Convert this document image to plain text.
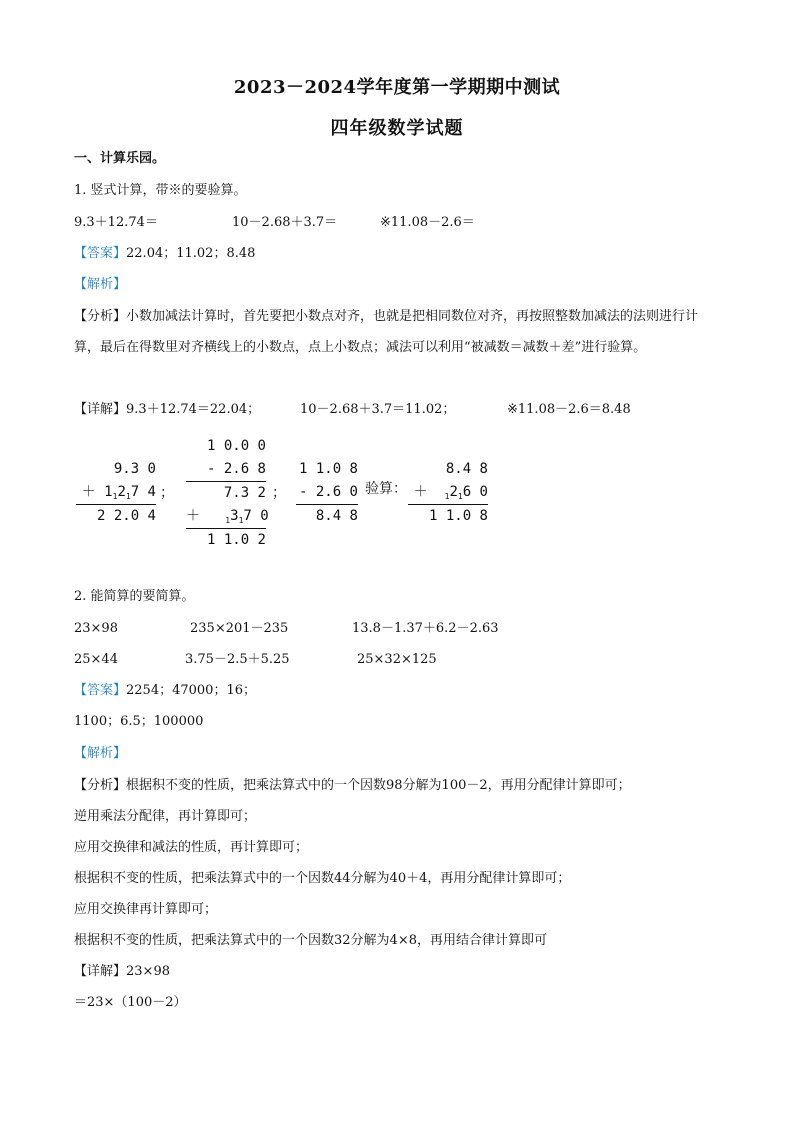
2023－2024学年度第一学期期中测试
四年级数学试题
一、计算乐园。
1. 竖式计算，带※的要验算。
9.3＋12.74＝	10－2.68＋3.7＝	※11.08－2.6＝
【答案】22.04；11.02；8.48
【解析】
【分析】小数加减法计算时，首先要把小数点对齐，也就是把相同数位对齐，再按照整数加减法的法则进行计算，最后在得数里对齐横线上的小数点，点上小数点；减法可以利用“被减数＝减数＋差”进行验算。
【详解】9.3＋12.74＝22.04；	10－2.68＋3.7＝11.02；	※11.08－2.6＝8.48
9.3 0
＋ $1_12_17$ 4
2 2.0 4
；
1 0.0 0
- 2.6 8
7.3 2
＋	$_13_17$ 0
1 1.0 2
；
1 1.0 8
- 2.6 0
8.4 8
验算：
8.4 8
＋ $_12_16$ 0
1 1.0 8
2. 能简算的要简算。
23×98	235×201－235	13.8－1.37＋6.2－2.63
25×44	3.75－2.5＋5.25	25×32×125
【答案】2254；47000；16；
1100；6.5；100000
【解析】
【分析】根据积不变的性质，把乘法算式中的一个因数98分解为100－2，再用分配律计算即可；
逆用乘法分配律，再计算即可；
应用交换律和减法的性质，再计算即可；
根据积不变的性质，把乘法算式中的一个因数44分解为40＋4，再用分配律计算即可；
应用交换律再计算即可；
根据积不变的性质，把乘法算式中的一个因数32分解为4×8，再用结合律计算即可
【详解】23×98
＝23×（100－2）
